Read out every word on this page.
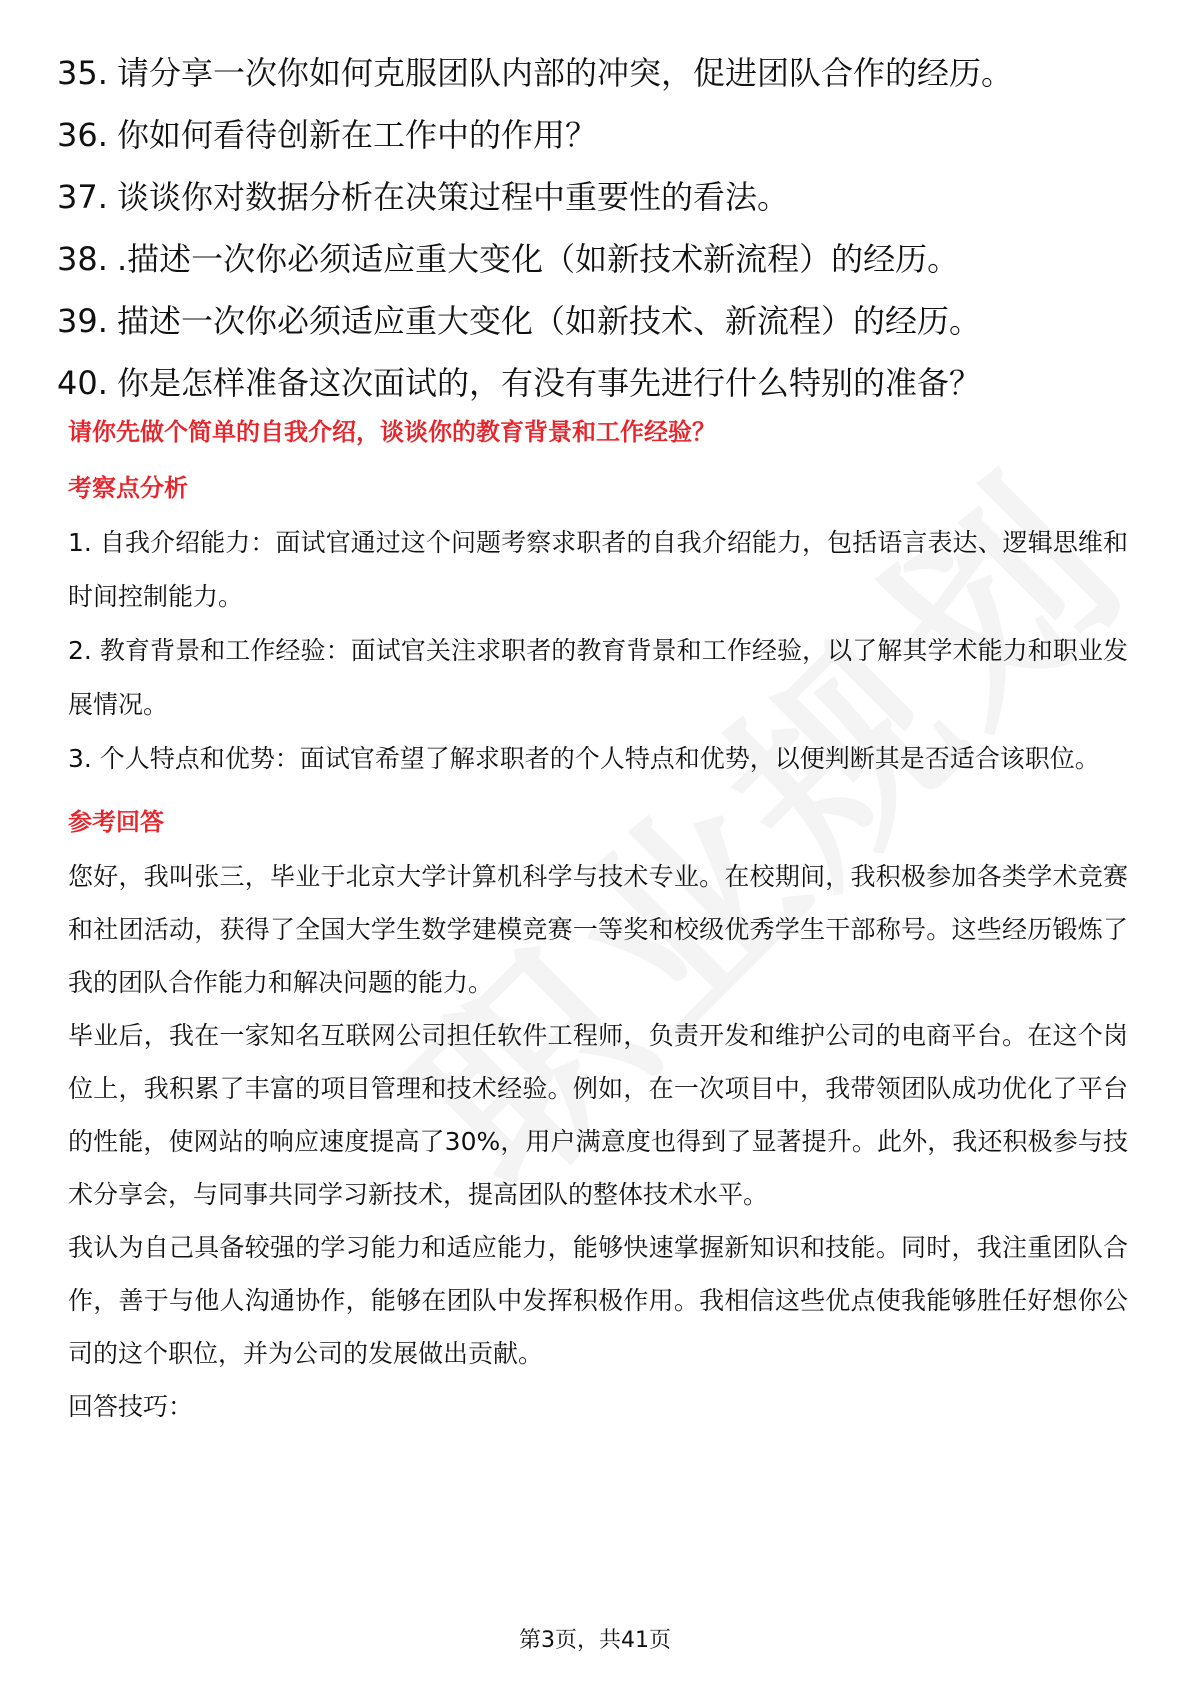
35. 请分享一次你如何克服团队内部的冲突，促进团队合作的经历。
36. 你如何看待创新在工作中的作用？
37. 谈谈你对数据分析在决策过程中重要性的看法。
38. .描述一次你必须适应重大变化（如新技术新流程）的经历。
39. 描述一次你必须适应重大变化（如新技术、新流程）的经历。
40. 你是怎样准备这次面试的，有没有事先进行什么特别的准备？

请你先做个简单的自我介绍，谈谈你的教育背景和工作经验？

考察点分析

1. 自我介绍能力：面试官通过这个问题考察求职者的自我介绍能力，包括语言表达、逻辑思维和时间控制能力。

2. 教育背景和工作经验：面试官关注求职者的教育背景和工作经验，以了解其学术能力和职业发展情况。

3. 个人特点和优势：面试官希望了解求职者的个人特点和优势，以便判断其是否适合该职位。

参考回答

您好，我叫张三，毕业于北京大学计算机科学与技术专业。在校期间，我积极参加各类学术竞赛和社团活动，获得了全国大学生数学建模竞赛一等奖和校级优秀学生干部称号。这些经历锻炼了我的团队合作能力和解决问题的能力。

毕业后，我在一家知名互联网公司担任软件工程师，负责开发和维护公司的电商平台。在这个岗位上，我积累了丰富的项目管理和技术经验。例如，在一次项目中，我带领团队成功优化了平台的性能，使网站的响应速度提高了30%，用户满意度也得到了显著提升。此外，我还积极参与技术分享会，与同事共同学习新技术，提高团队的整体技术水平。

我认为自己具备较强的学习能力和适应能力，能够快速掌握新知识和技能。同时，我注重团队合作，善于与他人沟通协作，能够在团队中发挥积极作用。我相信这些优点使我能够胜任好想你公司的这个职位，并为公司的发展做出贡献。

回答技巧：

第3页，共41页
